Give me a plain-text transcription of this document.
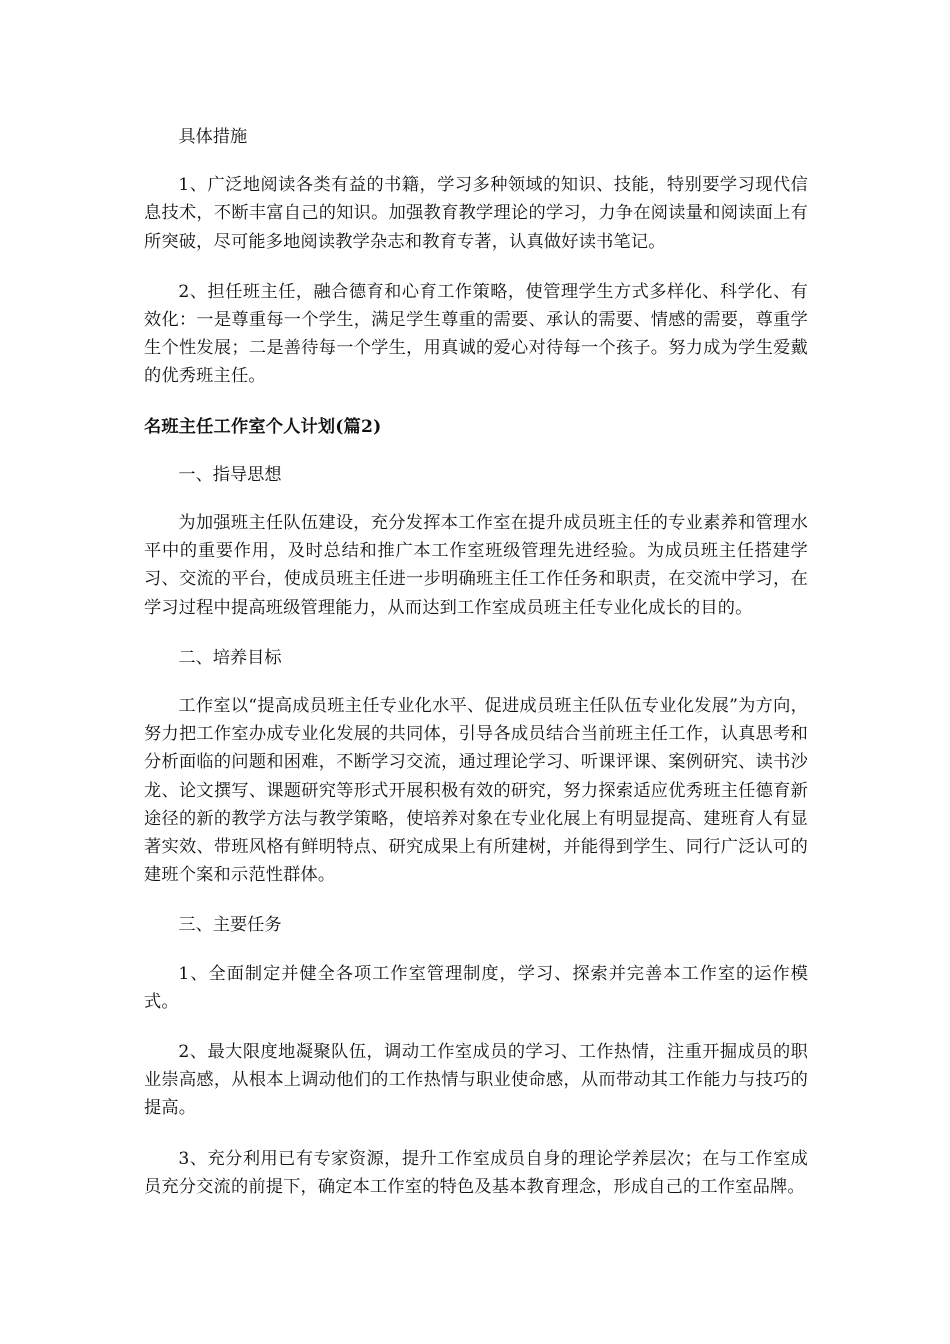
具体措施

1、广泛地阅读各类有益的书籍，学习多种领域的知识、技能，特别要学习现代信息技术，不断丰富自己的知识。加强教育教学理论的学习，力争在阅读量和阅读面上有所突破，尽可能多地阅读教学杂志和教育专著，认真做好读书笔记。

2、担任班主任，融合德育和心育工作策略，使管理学生方式多样化、科学化、有效化：一是尊重每一个学生，满足学生尊重的需要、承认的需要、情感的需要，尊重学生个性发展；二是善待每一个学生，用真诚的爱心对待每一个孩子。努力成为学生爱戴的优秀班主任。

名班主任工作室个人计划(篇2)

一、指导思想

为加强班主任队伍建设，充分发挥本工作室在提升成员班主任的专业素养和管理水平中的重要作用，及时总结和推广本工作室班级管理先进经验。为成员班主任搭建学习、交流的平台，使成员班主任进一步明确班主任工作任务和职责，在交流中学习，在学习过程中提高班级管理能力，从而达到工作室成员班主任专业化成长的目的。

二、培养目标

工作室以“提高成员班主任专业化水平、促进成员班主任队伍专业化发展”为方向，努力把工作室办成专业化发展的共同体，引导各成员结合当前班主任工作，认真思考和分析面临的问题和困难，不断学习交流，通过理论学习、听课评课、案例研究、读书沙龙、论文撰写、课题研究等形式开展积极有效的研究，努力探索适应优秀班主任德育新途径的新的教学方法与教学策略，使培养对象在专业化展上有明显提高、建班育人有显著实效、带班风格有鲜明特点、研究成果上有所建树，并能得到学生、同行广泛认可的建班个案和示范性群体。

三、主要任务

1、全面制定并健全各项工作室管理制度，学习、探索并完善本工作室的运作模式。

2、最大限度地凝聚队伍，调动工作室成员的学习、工作热情，注重开掘成员的职业崇高感，从根本上调动他们的工作热情与职业使命感，从而带动其工作能力与技巧的提高。

3、充分利用已有专家资源，提升工作室成员自身的理论学养层次；在与工作室成员充分交流的前提下，确定本工作室的特色及基本教育理念，形成自己的工作室品牌。
